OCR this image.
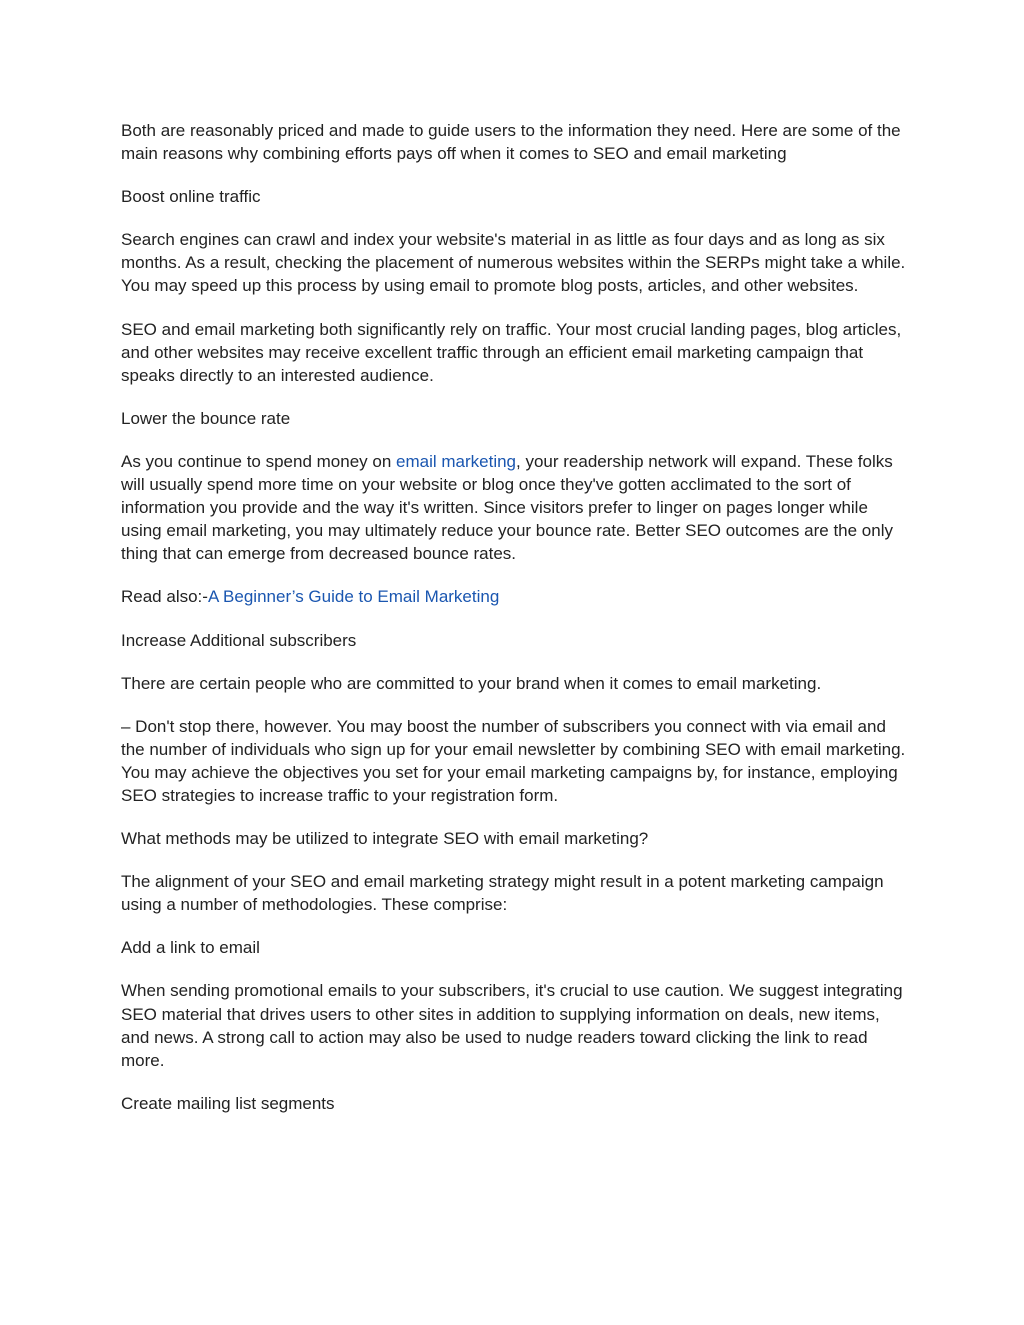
Both are reasonably priced and made to guide users to the information they need. Here are some of the main reasons why combining efforts pays off when it comes to SEO and email marketing

Boost online traffic

Search engines can crawl and index your website's material in as little as four days and as long as six months. As a result, checking the placement of numerous websites within the SERPs might take a while. You may speed up this process by using email to promote blog posts, articles, and other websites.

SEO and email marketing both significantly rely on traffic. Your most crucial landing pages, blog articles, and other websites may receive excellent traffic through an efficient email marketing campaign that speaks directly to an interested audience.

Lower the bounce rate

As you continue to spend money on email marketing, your readership network will expand. These folks will usually spend more time on your website or blog once they've gotten acclimated to the sort of information you provide and the way it's written. Since visitors prefer to linger on pages longer while using email marketing, you may ultimately reduce your bounce rate. Better SEO outcomes are the only thing that can emerge from decreased bounce rates.

Read also:-A Beginner’s Guide to Email Marketing

Increase Additional subscribers

There are certain people who are committed to your brand when it comes to email marketing.

– Don't stop there, however. You may boost the number of subscribers you connect with via email and the number of individuals who sign up for your email newsletter by combining SEO with email marketing. You may achieve the objectives you set for your email marketing campaigns by, for instance, employing SEO strategies to increase traffic to your registration form.

What methods may be utilized to integrate SEO with email marketing?

The alignment of your SEO and email marketing strategy might result in a potent marketing campaign using a number of methodologies. These comprise:

Add a link to email

When sending promotional emails to your subscribers, it's crucial to use caution. We suggest integrating SEO material that drives users to other sites in addition to supplying information on deals, new items, and news. A strong call to action may also be used to nudge readers toward clicking the link to read more.

Create mailing list segments
